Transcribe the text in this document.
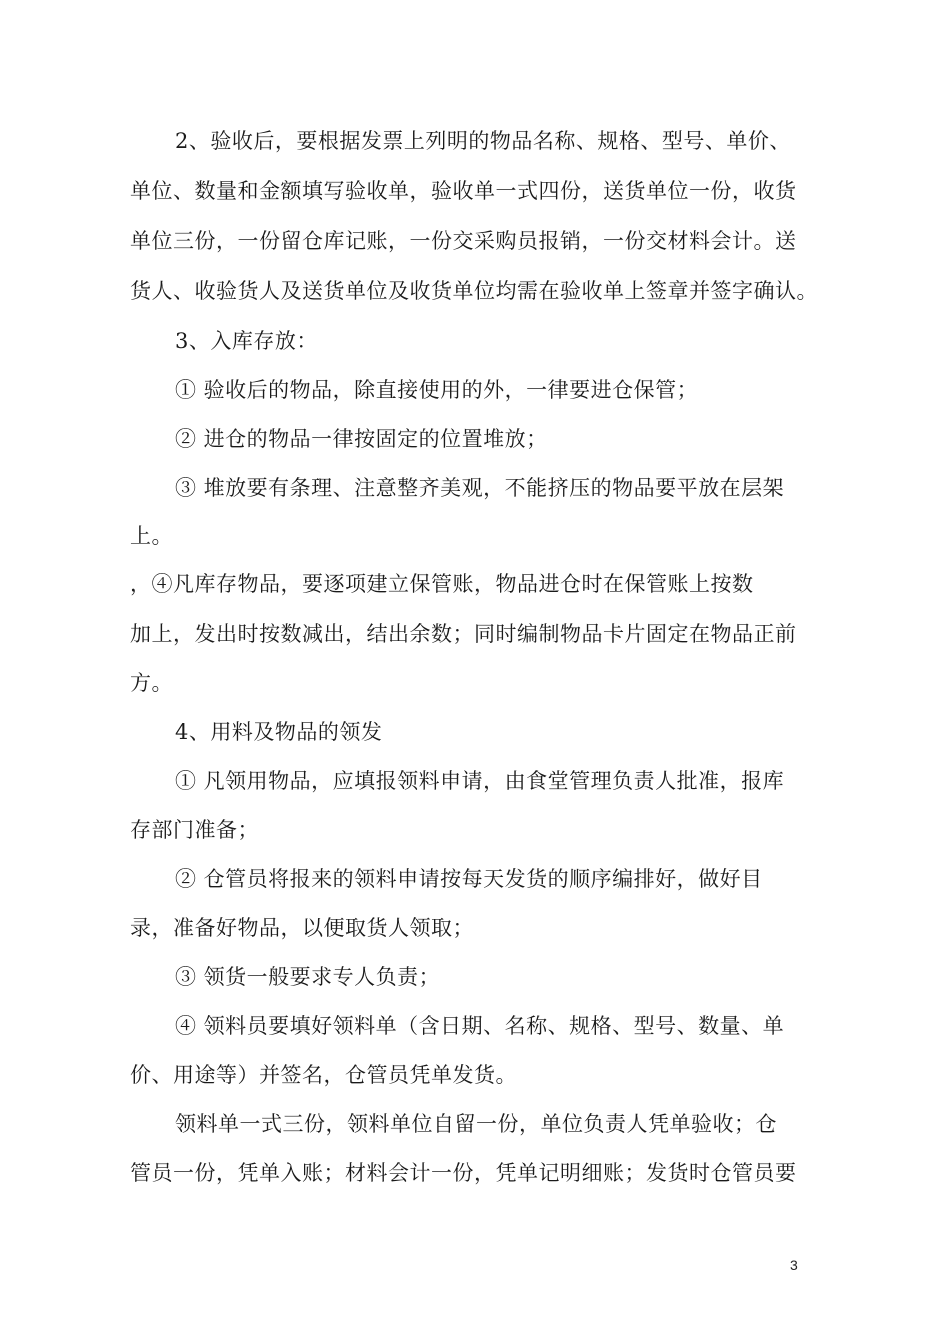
2、验收后，要根据发票上列明的物品名称、规格、型号、单价、
单位、数量和金额填写验收单，验收单一式四份，送货单位一份，收货
单位三份，一份留仓库记账，一份交采购员报销，一份交材料会计。送
货人、收验货人及送货单位及收货单位均需在验收单上签章并签字确认。
3、入库存放：
① 验收后的物品，除直接使用的外，一律要进仓保管；
② 进仓的物品一律按固定的位置堆放；
③ 堆放要有条理、注意整齐美观，不能挤压的物品要平放在层架
上。
，④凡库存物品，要逐项建立保管账，物品进仓时在保管账上按数
加上，发出时按数减出，结出余数；同时编制物品卡片固定在物品正前
方。
4、用料及物品的领发
① 凡领用物品，应填报领料申请，由食堂管理负责人批准，报库
存部门准备；
② 仓管员将报来的领料申请按每天发货的顺序编排好，做好目
录，准备好物品，以便取货人领取；
③ 领货一般要求专人负责；
④ 领料员要填好领料单（含日期、名称、规格、型号、数量、单
价、用途等）并签名，仓管员凭单发货。
领料单一式三份，领料单位自留一份，单位负责人凭单验收；仓
管员一份，凭单入账；材料会计一份，凭单记明细账；发货时仓管员要
3
